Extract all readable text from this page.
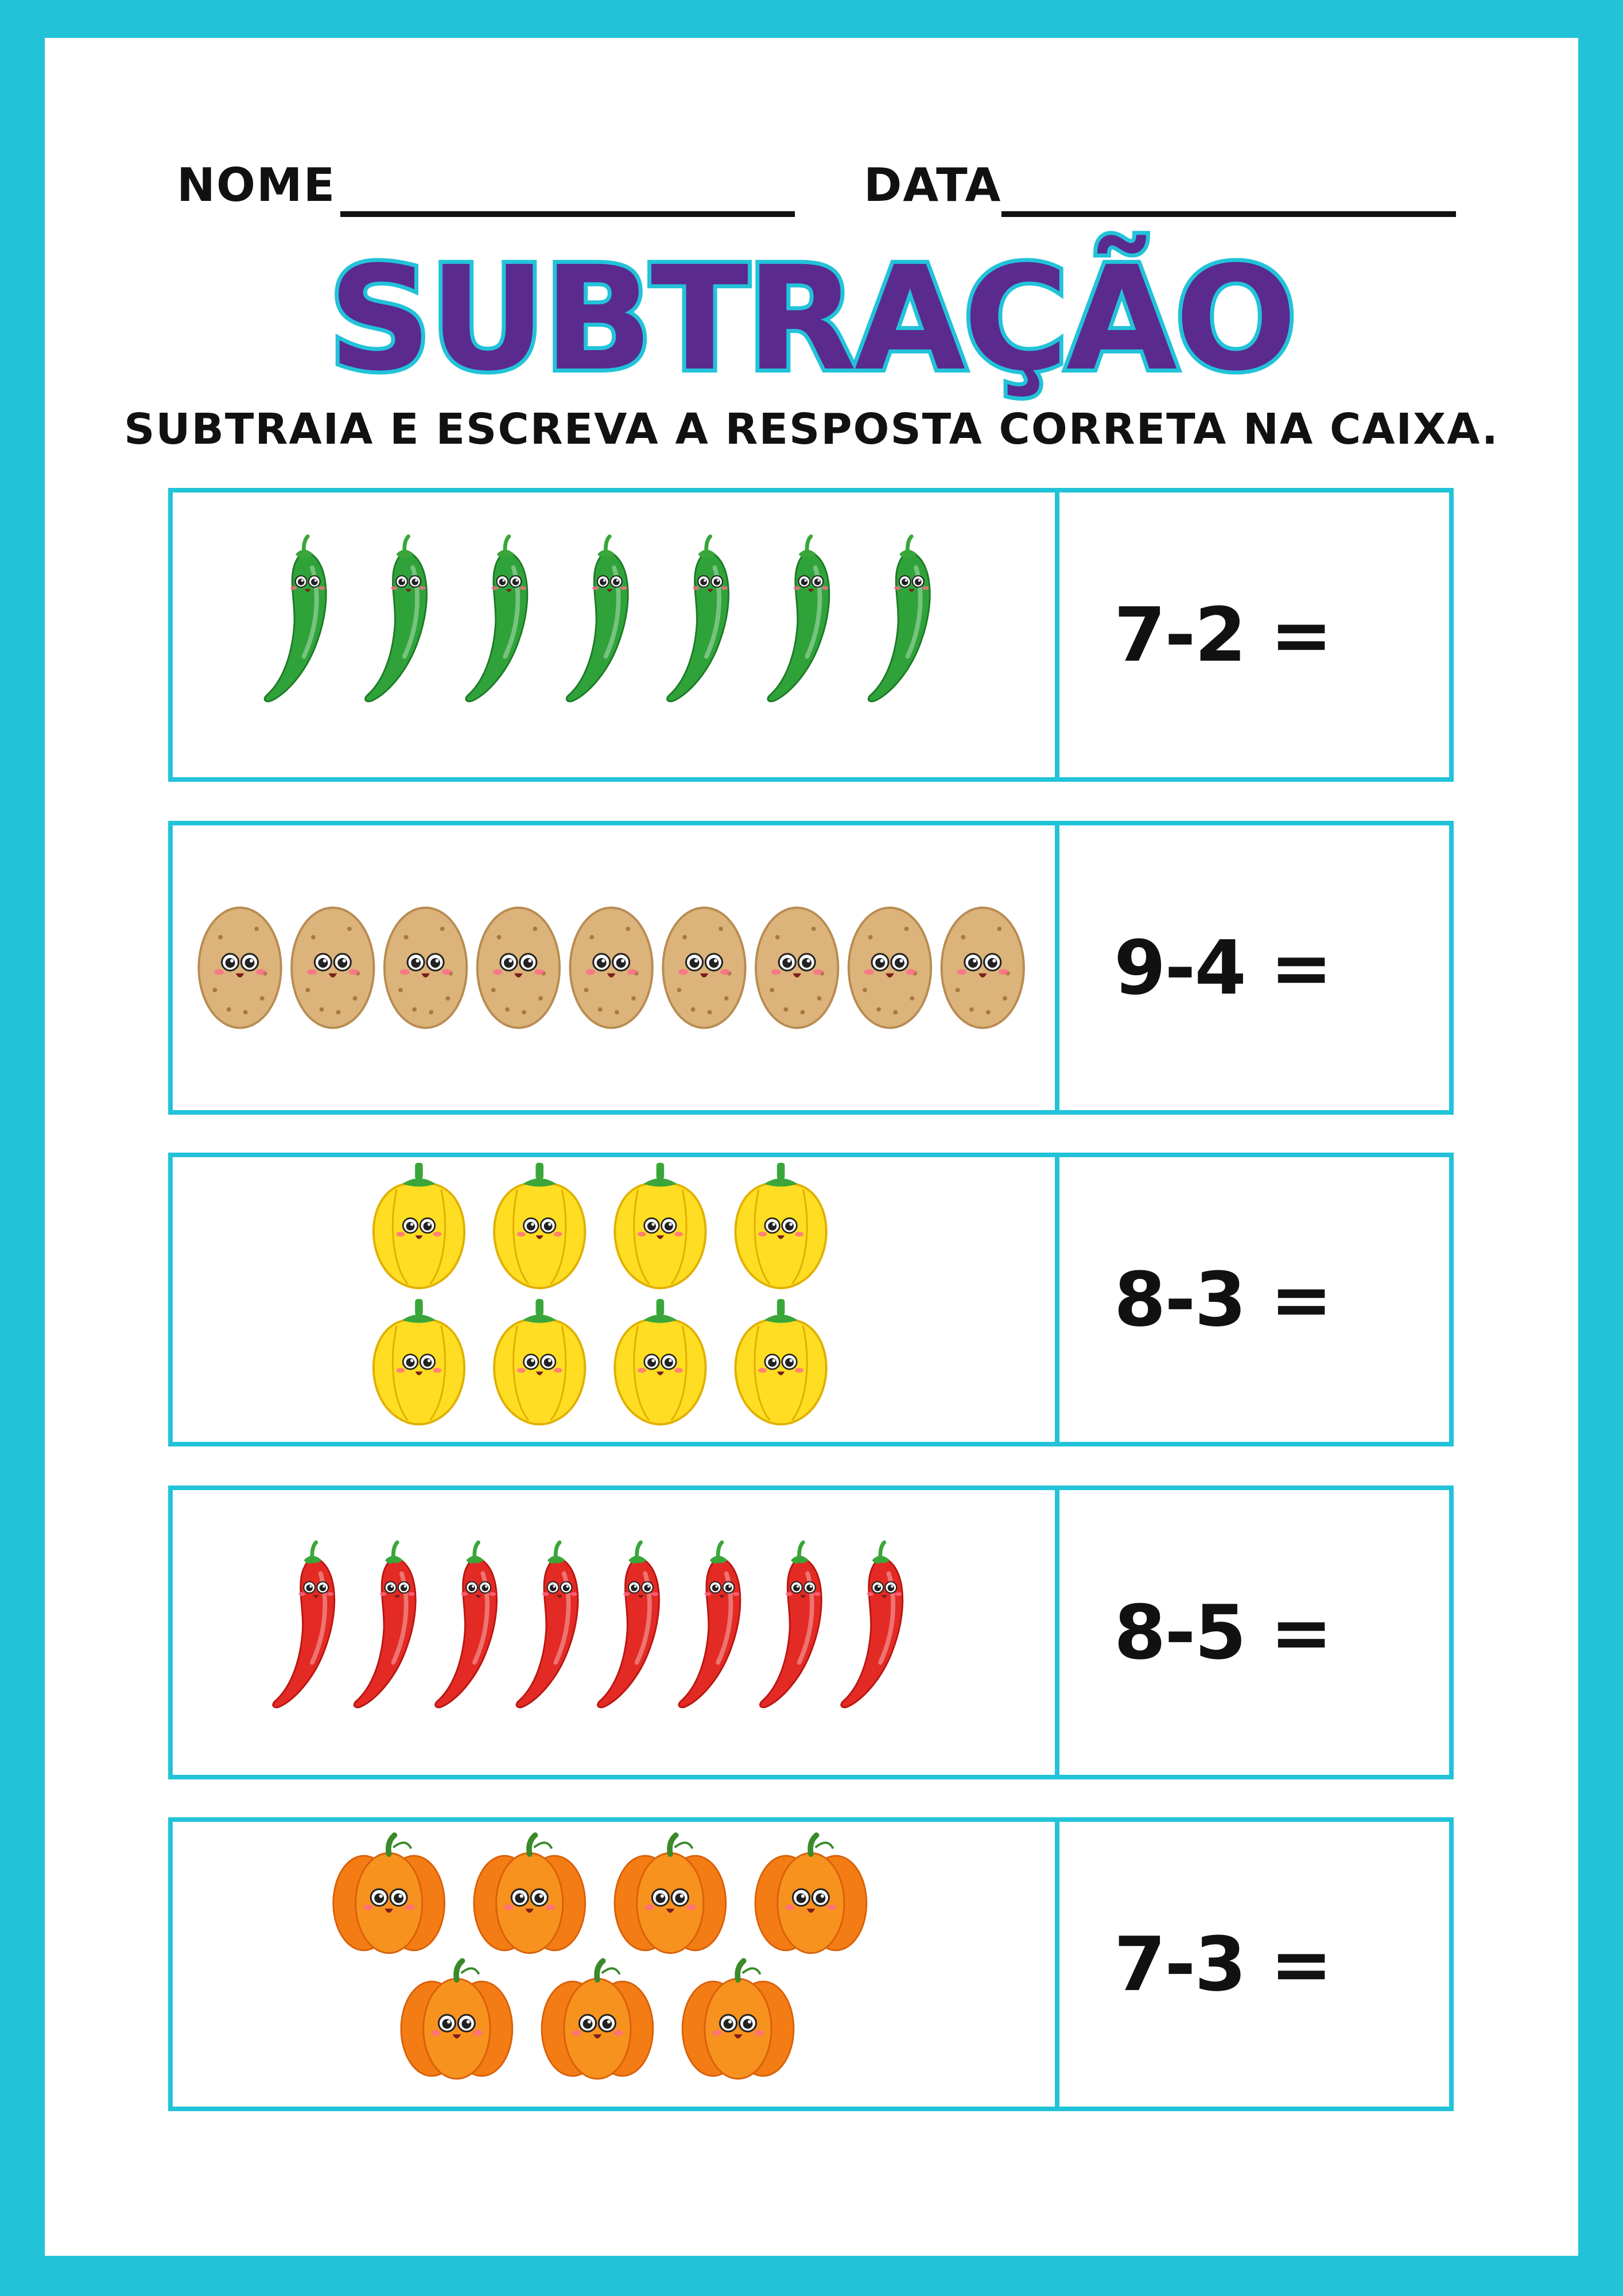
NOME	DATA
SUBTRAÇÃO
SUBTRAIA E ESCREVA A RESPOSTA CORRETA NA CAIXA.
7-2 =
9-4 =
8-3 =
8-5 =
7-3 =
